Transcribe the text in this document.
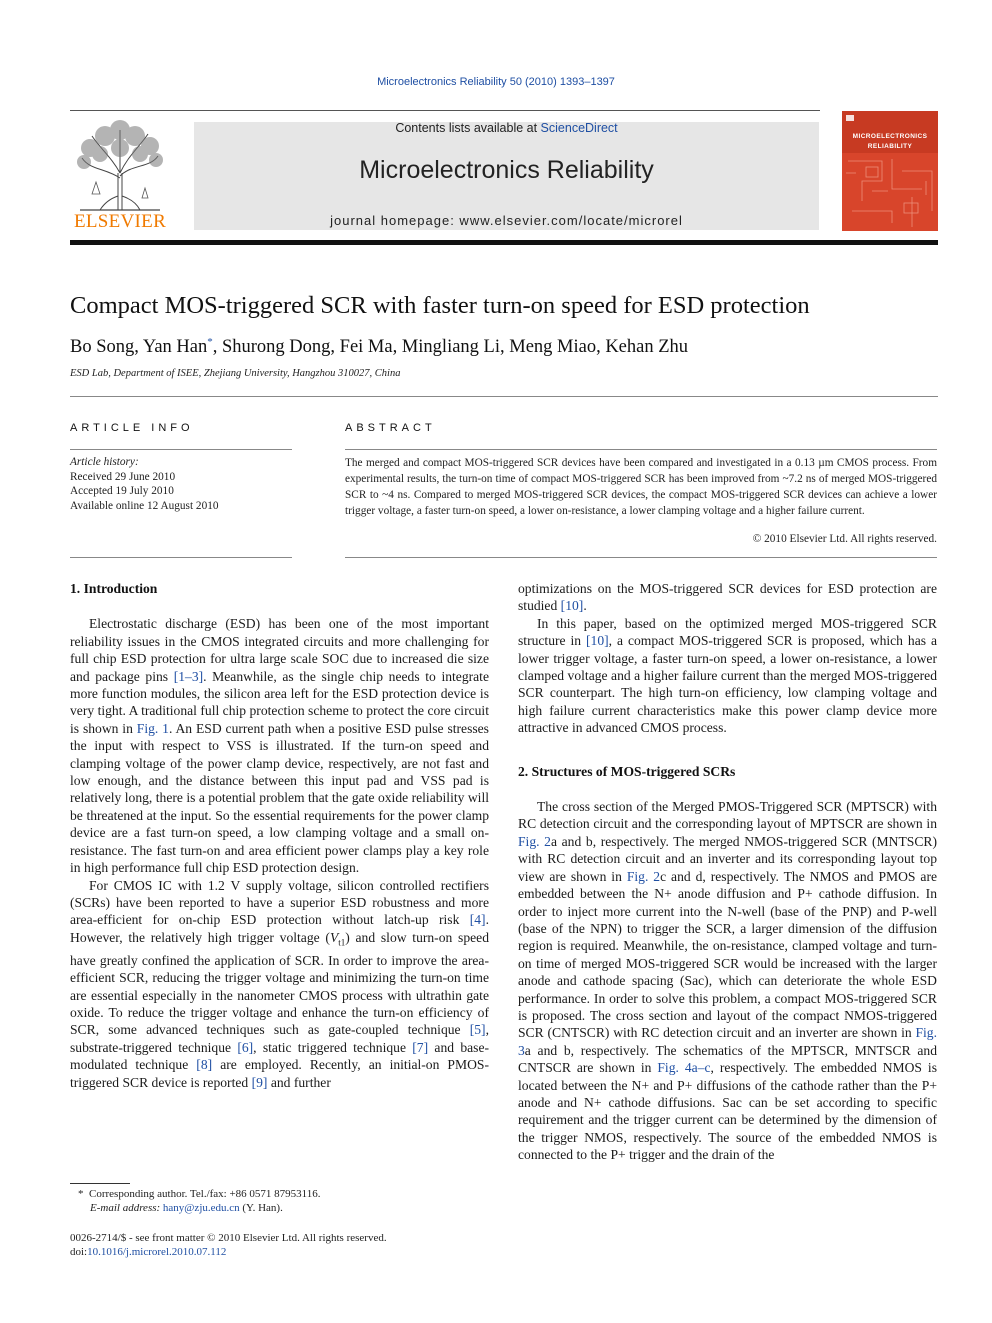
Microelectronics Reliability 50 (2010) 1393–1397
ELSEVIER
Contents lists available at ScienceDirect
Microelectronics Reliability
journal homepage: www.elsevier.com/locate/microrel
MICROELECTRONICS
RELIABILITY
Compact MOS-triggered SCR with faster turn-on speed for ESD protection
Bo Song, Yan Han*, Shurong Dong, Fei Ma, Mingliang Li, Meng Miao, Kehan Zhu
ESD Lab, Department of ISEE, Zhejiang University, Hangzhou 310027, China
ARTICLE INFO
Article history:
Received 29 June 2010
Accepted 19 July 2010
Available online 12 August 2010
ABSTRACT
The merged and compact MOS-triggered SCR devices have been compared and investigated in a 0.13 µm CMOS process. From experimental results, the turn-on time of compact MOS-triggered SCR has been improved from ~7.2 ns of merged MOS-triggered SCR to ~4 ns. Compared to merged MOS-triggered SCR devices, the compact MOS-triggered SCR devices can achieve a lower trigger voltage, a faster turn-on speed, a lower on-resistance, a lower clamping voltage and a higher failure current.
© 2010 Elsevier Ltd. All rights reserved.
1. Introduction

Electrostatic discharge (ESD) has been one of the most important reliability issues in the CMOS integrated circuits and more challenging for full chip ESD protection for ultra large scale SOC due to increased die size and package pins [1–3]. Meanwhile, as the single chip needs to integrate more function modules, the silicon area left for the ESD protection device is very tight. A traditional full chip protection scheme to protect the core circuit is shown in Fig. 1. An ESD current path when a positive ESD pulse stresses the input with respect to VSS is illustrated. If the turn-on speed and clamping voltage of the power clamp device, respectively, are not fast and low enough, and the distance between this input pad and VSS pad is relatively long, there is a potential problem that the gate oxide reliability will be threatened at the input. So the essential requirements for the power clamp device are a fast turn-on speed, a low clamping voltage and a small on-resistance. The fast turn-on and area efficient power clamps play a key role in high performance full chip ESD protection design.

For CMOS IC with 1.2 V supply voltage, silicon controlled rectifiers (SCRs) have been reported to have a superior ESD robustness and more area-efficient for on-chip ESD protection without latch-up risk [4]. However, the relatively high trigger voltage $(V_{t1})$ and slow turn-on speed have greatly confined the application of SCR. In order to improve the area-efficient SCR, reducing the trigger voltage and minimizing the turn-on time are essential especially in the nanometer CMOS process with ultrathin gate oxide. To reduce the trigger voltage and enhance the turn-on efficiency of SCR, some advanced techniques such as gate-coupled technique [5], substrate-triggered technique [6], static triggered technique [7] and base-modulated technique [8] are employed. Recently, an initial-on PMOS-triggered SCR device is reported [9] and further

optimizations on the MOS-triggered SCR devices for ESD protection are studied [10].

In this paper, based on the optimized merged MOS-triggered SCR structure in [10], a compact MOS-triggered SCR is proposed, which has a lower trigger voltage, a faster turn-on speed, a lower on-resistance, a lower clamped voltage and a higher failure current than the merged MOS-triggered SCR counterpart. The high turn-on efficiency, low clamping voltage and high failure current characteristics make this power clamp device more attractive in advanced CMOS process.

2. Structures of MOS-triggered SCRs

The cross section of the Merged PMOS-Triggered SCR (MPTSCR) with RC detection circuit and the corresponding layout of MPTSCR are shown in Fig. 2a and b, respectively. The merged NMOS-triggered SCR (MNTSCR) with RC detection circuit and an inverter and its corresponding layout top view are shown in Fig. 2c and d, respectively. The NMOS and PMOS are embedded between the N+ anode diffusion and P+ cathode diffusion. In order to inject more current into the N-well (base of the PNP) and P-well (base of the NPN) to trigger the SCR, a larger dimension of the diffusion region is required. Meanwhile, the on-resistance, clamped voltage and turn-on time of merged MOS-triggered SCR would be increased with the larger anode and cathode spacing (Sac), which can deteriorate the whole ESD performance. In order to solve this problem, a compact MOS-triggered SCR is proposed. The cross section and layout of the compact NMOS-triggered SCR (CNTSCR) with RC detection circuit and an inverter are shown in Fig. 3a and b, respectively. The schematics of the MPTSCR, MNTSCR and CNTSCR are shown in Fig. 4a–c, respectively. The embedded NMOS is located between the N+ and P+ diffusions of the cathode rather than the P+ anode and N+ cathode diffusions. Sac can be set according to specific requirement and the trigger current can be determined by the dimension of the trigger NMOS, respectively. The source of the embedded NMOS is connected to the P+ trigger and the drain of the

* Corresponding author. Tel./fax: +86 0571 87953116.
E-mail address: hany@zju.edu.cn (Y. Han).
0026-2714/$ - see front matter © 2010 Elsevier Ltd. All rights reserved.
doi:10.1016/j.microrel.2010.07.112
